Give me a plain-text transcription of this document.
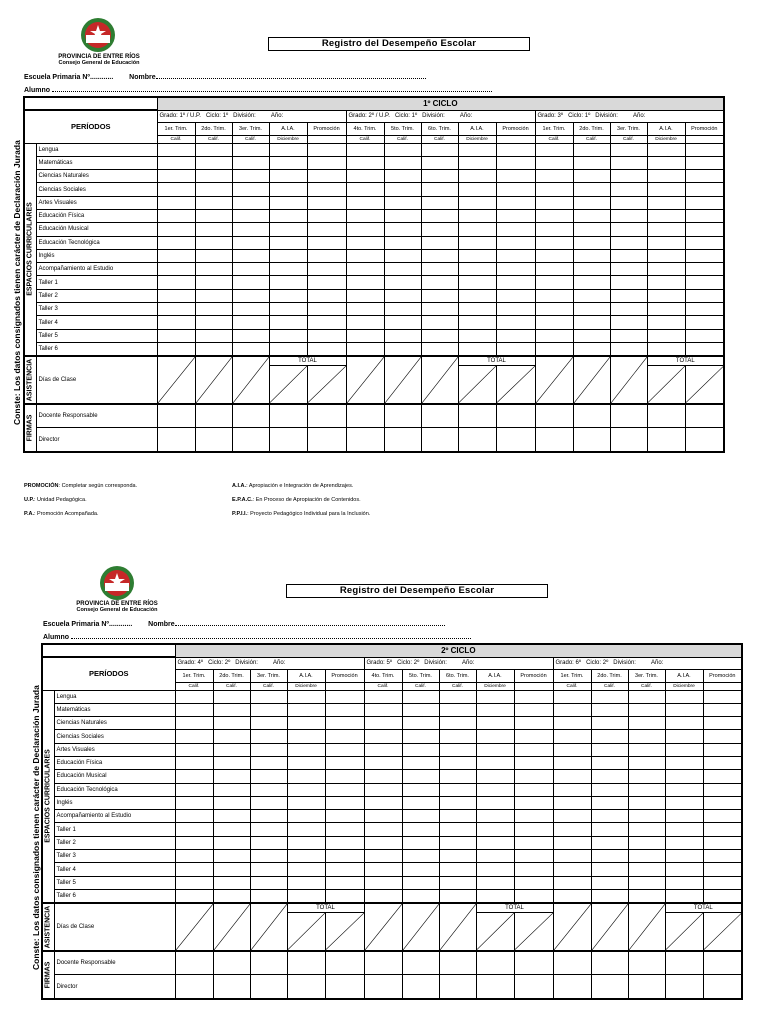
PROVINCIA DE ENTRE RÍOS
Consejo General de Educación
Registro del Desempeño Escolar
Escuela Primaria Nº............ Nombre
Alumno
Conste: Los datos consignados tienen carácter de Declaración Jurada
		1º CICLO														
PERÍODOS		Grado: 1º / U.P. Ciclo: 1º División: Año:					Grado: 2º / U.P. Ciclo: 1º División: Año:					Grado: 3º Ciclo: 1º División: Año:				
		1er. Trim.	2do. Trim.	3er. Trim.	A.I.A.	Promoción	4to. Trim.	5to. Trim.	6to. Trim.	A.I.A.	Promoción	1er. Trim.	2do. Trim.	3er. Trim.	A.I.A.	Promoción
		Calif.	Calif.	Calif.	Diciembre		Calif.	Calif.	Calif.	Diciembre		Calif.	Calif.	Calif.	Diciembre	

ESPACIOS CURRICULARES	Lengua															
	Matemáticas															
	Ciencias Naturales															
	Ciencias Sociales															
	Artes Visuales															
	Educación Física															
	Educación Musical															
	Educación Tecnológica															
	Inglés															
	Acompañamiento al Estudio															
	Taller 1															
	Taller 2															
	Taller 3															
	Taller 4															
	Taller 5															
	Taller 6															

ASISTENCIA	Días de Clase				TOTAL					TOTAL					TOTAL	

FIRMAS	Docente Responsable															
	Director															
PROMOCIÓN: Completar según corresponda.
U.P.: Unidad Pedagógica.
P.A.: Promoción Acompañada.
A.I.A.: Apropiación e Integración de Aprendizajes.
E.P.A.C.: En Proceso de Apropiación de Contenidos.
P.P.I.I.: Proyecto Pedagógico Individual para la Inclusión.
PROVINCIA DE ENTRE RÍOS
Consejo General de Educación
Registro del Desempeño Escolar
Escuela Primaria Nº............ Nombre
Alumno
Conste: Los datos consignados tienen carácter de Declaración Jurada
		2º CICLO														
PERÍODOS		Grado: 4º Ciclo: 2º División: Año:					Grado: 5º Ciclo: 2º División: Año:					Grado: 6º Ciclo: 2º División: Año:				
		1er. Trim.	2do. Trim.	3er. Trim.	A.I.A.	Promoción	4to. Trim.	5to. Trim.	6to. Trim.	A.I.A.	Promoción	1er. Trim.	2do. Trim.	3er. Trim.	A.I.A.	Promoción
		Calif.	Calif.	Calif.	Diciembre		Calif.	Calif.	Calif.	Diciembre		Calif.	Calif.	Calif.	Diciembre	

ESPACIOS CURRICULARES	Lengua															
	Matemáticas															
	Ciencias Naturales															
	Ciencias Sociales															
	Artes Visuales															
	Educación Física															
	Educación Musical															
	Educación Tecnológica															
	Inglés															
	Acompañamiento al Estudio															
	Taller 1															
	Taller 2															
	Taller 3															
	Taller 4															
	Taller 5															
	Taller 6															

ASISTENCIA	Días de Clase				TOTAL					TOTAL					TOTAL	

FIRMAS	Docente Responsable															
	Director															
